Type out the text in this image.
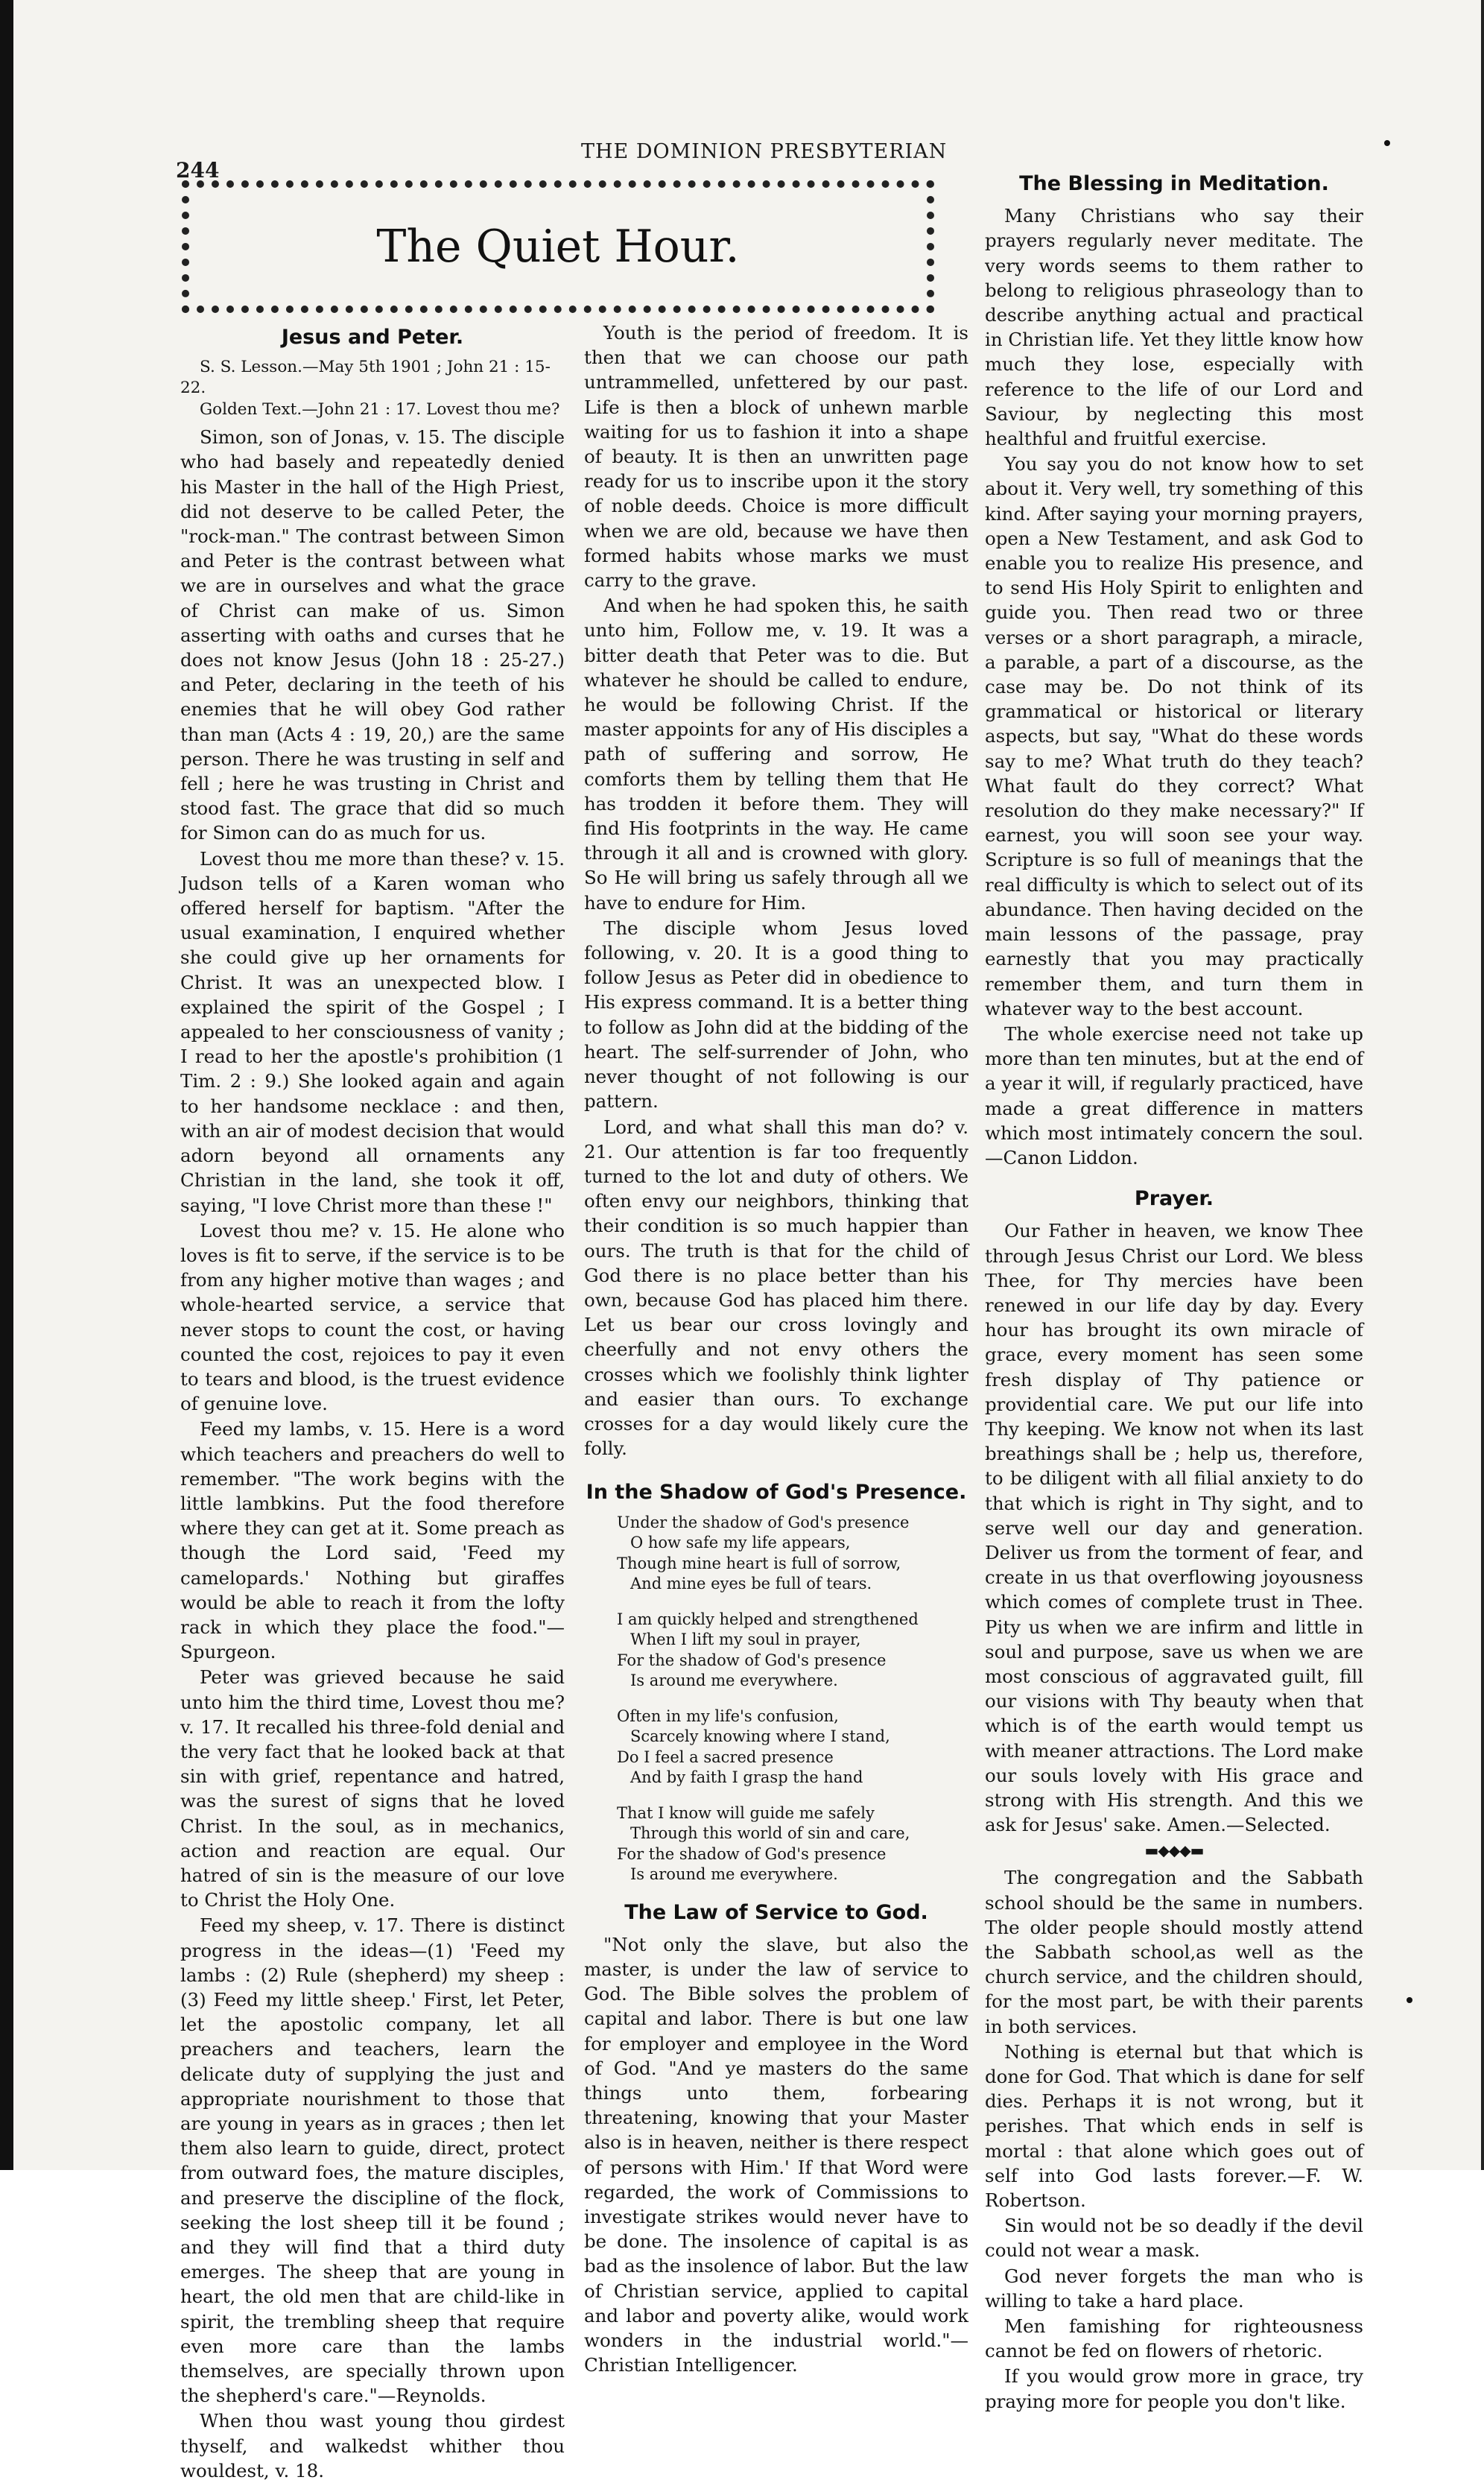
244
THE DOMINION PRESBYTERIAN
The Quiet Hour.
Jesus and Peter.

S. S. Lesson.—May 5th 1901 ; John 21 : 15-22.

Golden Text.—John 21 : 17. Lovest thou me?

Simon, son of Jonas, v. 15. The disciple who had basely and repeatedly denied his Master in the hall of the High Priest, did not deserve to be called Peter, the "rock-man." The contrast between Simon and Peter is the contrast between what we are in ourselves and what the grace of Christ can make of us. Simon asserting with oaths and curses that he does not know Jesus (John 18 : 25-27.) and Peter, declaring in the teeth of his enemies that he will obey God rather than man (Acts 4 : 19, 20,) are the same person. There he was trusting in self and fell ; here he was trusting in Christ and stood fast. The grace that did so much for Simon can do as much for us.

Lovest thou me more than these? v. 15. Judson tells of a Karen woman who offered herself for baptism. "After the usual examination, I enquired whether she could give up her ornaments for Christ. It was an unexpected blow. I explained the spirit of the Gospel ; I appealed to her consciousness of vanity ; I read to her the apostle's prohibition (1 Tim. 2 : 9.) She looked again and again to her handsome necklace : and then, with an air of modest decision that would adorn beyond all ornaments any Christian in the land, she took it off, saying, "I love Christ more than these !"

Lovest thou me? v. 15. He alone who loves is fit to serve, if the service is to be from any higher motive than wages ; and whole-hearted service, a service that never stops to count the cost, or having counted the cost, rejoices to pay it even to tears and blood, is the truest evidence of genuine love.

Feed my lambs, v. 15. Here is a word which teachers and preachers do well to remember. "The work begins with the little lambkins. Put the food therefore where they can get at it. Some preach as though the Lord said, 'Feed my camelopards.' Nothing but giraffes would be able to reach it from the lofty rack in which they place the food."—Spurgeon.

Peter was grieved because he said unto him the third time, Lovest thou me? v. 17. It recalled his three-fold denial and the very fact that he looked back at that sin with grief, repentance and hatred, was the surest of signs that he loved Christ. In the soul, as in mechanics, action and reaction are equal. Our hatred of sin is the measure of our love to Christ the Holy One.

Feed my sheep, v. 17. There is distinct progress in the ideas—(1) 'Feed my lambs : (2) Rule (shepherd) my sheep : (3) Feed my little sheep.' First, let Peter, let the apostolic company, let all preachers and teachers, learn the delicate duty of supplying the just and appropriate nourishment to those that are young in years as in graces ; then let them also learn to guide, direct, protect from outward foes, the mature disciples, and preserve the discipline of the flock, seeking the lost sheep till it be found ; and they will find that a third duty emerges. The sheep that are young in heart, the old men that are child-like in spirit, the trembling sheep that require even more care than the lambs themselves, are specially thrown upon the shepherd's care."—Reynolds.

When thou wast young thou girdest thyself, and walkedst whither thou wouldest, v. 18.

Youth is the period of freedom. It is then that we can choose our path untrammelled, unfettered by our past. Life is then a block of unhewn marble waiting for us to fashion it into a shape of beauty. It is then an unwritten page ready for us to inscribe upon it the story of noble deeds. Choice is more difficult when we are old, because we have then formed habits whose marks we must carry to the grave.

And when he had spoken this, he saith unto him, Follow me, v. 19. It was a bitter death that Peter was to die. But whatever he should be called to endure, he would be following Christ. If the master appoints for any of His disciples a path of suffering and sorrow, He comforts them by telling them that He has trodden it before them. They will find His footprints in the way. He came through it all and is crowned with glory. So He will bring us safely through all we have to endure for Him.

The disciple whom Jesus loved following, v. 20. It is a good thing to follow Jesus as Peter did in obedience to His express command. It is a better thing to follow as John did at the bidding of the heart. The self-surrender of John, who never thought of not following is our pattern.

Lord, and what shall this man do? v. 21. Our attention is far too frequently turned to the lot and duty of others. We often envy our neighbors, thinking that their condition is so much happier than ours. The truth is that for the child of God there is no place better than his own, because God has placed him there. Let us bear our cross lovingly and cheerfully and not envy others the crosses which we foolishly think lighter and easier than ours. To exchange crosses for a day would likely cure the folly.

In the Shadow of God's Presence.
Under the shadow of God's presence
O how safe my life appears,
Though mine heart is full of sorrow,
And mine eyes be full of tears.
I am quickly helped and strengthened
When I lift my soul in prayer,
For the shadow of God's presence
Is around me everywhere.
Often in my life's confusion,
Scarcely knowing where I stand,
Do I feel a sacred presence
And by faith I grasp the hand
That I know will guide me safely
Through this world of sin and care,
For the shadow of God's presence
Is around me everywhere.
The Law of Service to God.

"Not only the slave, but also the master, is under the law of service to God. The Bible solves the problem of capital and labor. There is but one law for employer and employee in the Word of God. "And ye masters do the same things unto them, forbearing threatening, knowing that your Master also is in heaven, neither is there respect of persons with Him.' If that Word were regarded, the work of Commissions to investigate strikes would never have to be done. The insolence of capital is as bad as the insolence of labor. But the law of Christian service, applied to capital and labor and poverty alike, would work wonders in the industrial world."—Christian Intelligencer.

The Blessing in Meditation.

Many Christians who say their prayers regularly never meditate. The very words seems to them rather to belong to religious phraseology than to describe anything actual and practical in Christian life. Yet they little know how much they lose, especially with reference to the life of our Lord and Saviour, by neglecting this most healthful and fruitful exercise.

You say you do not know how to set about it. Very well, try something of this kind. After saying your morning prayers, open a New Testament, and ask God to enable you to realize His presence, and to send His Holy Spirit to enlighten and guide you. Then read two or three verses or a short paragraph, a miracle, a parable, a part of a discourse, as the case may be. Do not think of its grammatical or historical or literary aspects, but say, "What do these words say to me? What truth do they teach? What fault do they correct? What resolution do they make necessary?" If earnest, you will soon see your way. Scripture is so full of meanings that the real difficulty is which to select out of its abundance. Then having decided on the main lessons of the passage, pray earnestly that you may practically remember them, and turn them in whatever way to the best account.

The whole exercise need not take up more than ten minutes, but at the end of a year it will, if regularly practiced, have made a great difference in matters which most intimately concern the soul.—Canon Liddon.

Prayer.

Our Father in heaven, we know Thee through Jesus Christ our Lord. We bless Thee, for Thy mercies have been renewed in our life day by day. Every hour has brought its own miracle of grace, every moment has seen some fresh display of Thy patience or providential care. We put our life into Thy keeping. We know not when its last breathings shall be ; help us, therefore, to be diligent with all filial anxiety to do that which is right in Thy sight, and to serve well our day and generation. Deliver us from the torment of fear, and create in us that overflowing joyousness which comes of complete trust in Thee. Pity us when we are infirm and little in soul and purpose, save us when we are most conscious of aggravated guilt, fill our visions with Thy beauty when that which is of the earth would tempt us with meaner attractions. The Lord make our souls lovely with His grace and strong with His strength. And this we ask for Jesus' sake. Amen.—Selected.

▬◆◆◆▬

The congregation and the Sabbath school should be the same in numbers. The older people should mostly attend the Sabbath school,as well as the church service, and the children should, for the most part, be with their parents in both services.

Nothing is eternal but that which is done for God. That which is dane for self dies. Perhaps it is not wrong, but it perishes. That which ends in self is mortal : that alone which goes out of self into God lasts forever.—F. W. Robertson.

Sin would not be so deadly if the devil could not wear a mask.

God never forgets the man who is willing to take a hard place.

Men famishing for righteousness cannot be fed on flowers of rhetoric.

If you would grow more in grace, try praying more for people you don't like.
